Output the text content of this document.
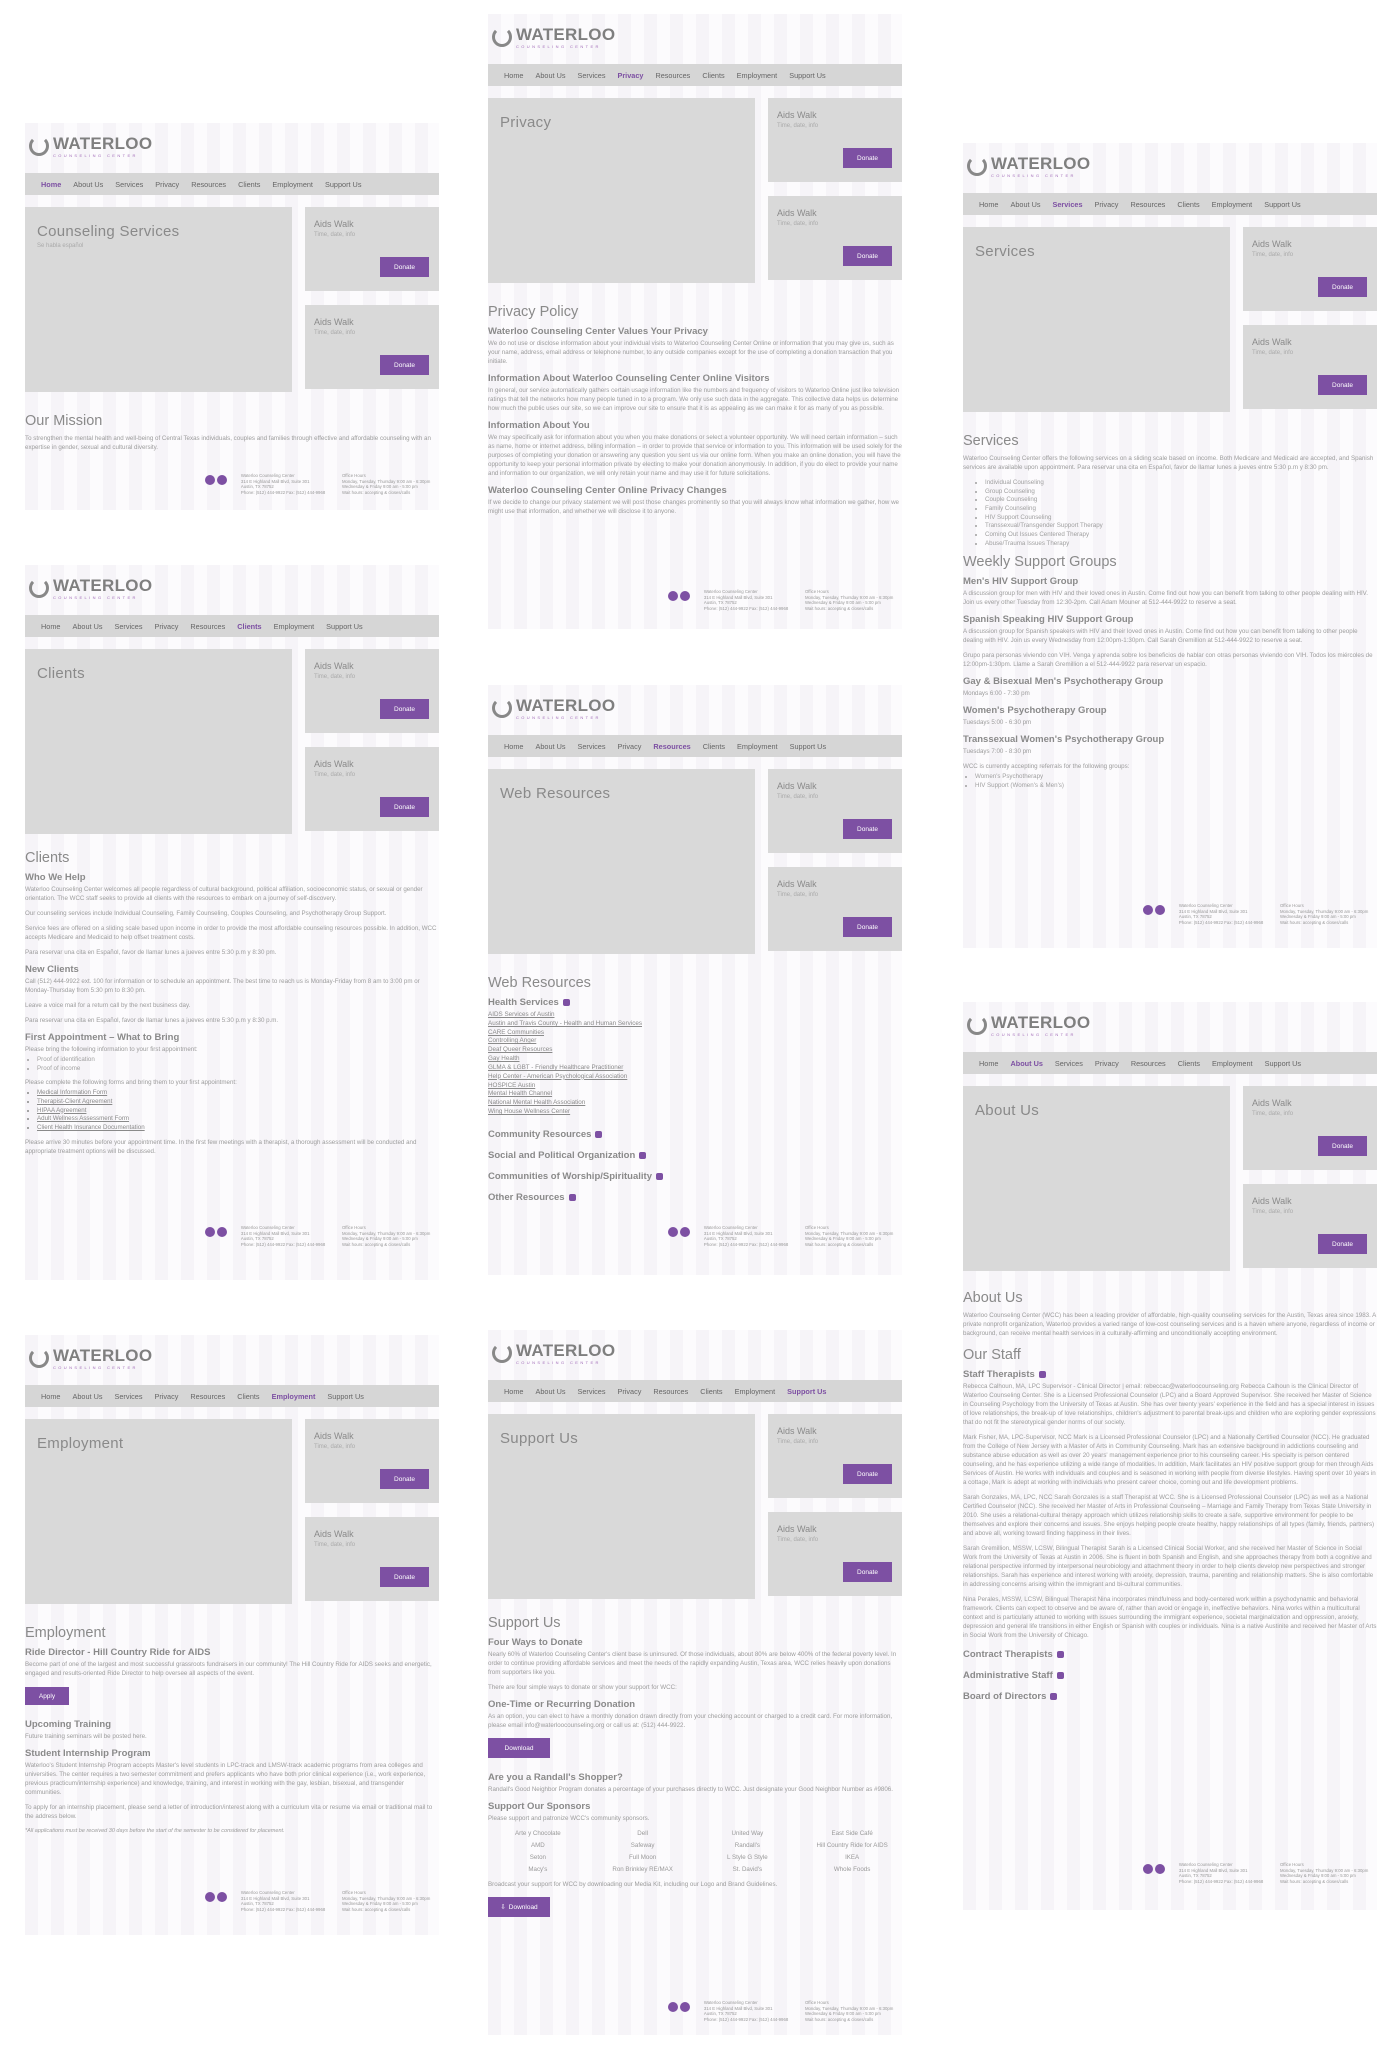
Our Mission

To strengthen the mental health and well-being of Central Texas individuals, couples and families through effective and affordable counseling with an expertise in gender, sexual and cultural diversity.

WATERLOO
COUNSELING CENTER
Home	About Us	Services	Privacy	Resources	Clients	Employment	Support Us
Counseling Services

Se habla español

Aids Walk
Time, date, info
Donate
Aids Walk
Time, date, info
Donate
Waterloo Counseling Center
314 E Highland Mall Blvd, Suite 301
Austin, TX 78752
Phone: (512) 444-9922 Fax: (512) 444-9968
Office Hours
Monday, Tuesday, Thursday 9:00 am - 6:30pm
Wednesday & Friday 9:00 am - 5:00 pm
Wait hours: accepting & closes/calls
Clients
Who We Help

Waterloo Counseling Center welcomes all people regardless of cultural background, political affiliation, socioeconomic status, or sexual or gender orientation. The WCC staff seeks to provide all clients with the resources to embark on a journey of self-discovery.

Our counseling services include Individual Counseling, Family Counseling, Couples Counseling, and Psychotherapy Group Support.

Service fees are offered on a sliding scale based upon income in order to provide the most affordable counseling resources possible. In addition, WCC accepts Medicare and Medicaid to help offset treatment costs.

Para reservar una cita en Español, favor de llamar lunes a jueves entre 5:30 p.m y 8:30 pm.

New Clients

Call (512) 444-9922 ext. 100 for information or to schedule an appointment. The best time to reach us is Monday-Friday from 8 am to 3:00 pm or Monday-Thursday from 5:30 pm to 8:30 pm.

Leave a voice mail for a return call by the next business day.

Para reservar una cita en Español, favor de llamar lunes a jueves entre 5:30 p.m y 8:30 p.m.

First Appointment – What to Bring

Please bring the following information to your first appointment:

• Proof of identification
• Proof of income

Please complete the following forms and bring them to your first appointment:

• Medical Information Form
• Therapist-Client Agreement
• HIPAA Agreement
• Adult Wellness Assessment Form
• Client Health Insurance Documentation

Please arrive 30 minutes before your appointment time. In the first few meetings with a therapist, a thorough assessment will be conducted and appropriate treatment options will be discussed.

WATERLOO
COUNSELING CENTER
Home	About Us	Services	Privacy	Resources	Clients	Employment	Support Us
Clients	Aids Walk
Time, date, info
Donate
Aids Walk
Time, date, info
Donate
Waterloo Counseling Center
314 E Highland Mall Blvd, Suite 301
Austin, TX 78752
Phone: (512) 444-9922 Fax: (512) 444-9968
Office Hours
Monday, Tuesday, Thursday 9:00 am - 6:30pm
Wednesday & Friday 9:00 am - 5:00 pm
Wait hours: accepting & closes/calls
Employment
Ride Director - Hill Country Ride for AIDS

Become part of one of the largest and most successful grassroots fundraisers in our community! The Hill Country Ride for AIDS seeks and energetic, engaged and results-oriented Ride Director to help oversee all aspects of the event.

Apply
Upcoming Training

Future training seminars will be posted here.

Student Internship Program

Waterloo's Student Internship Program accepts Master's level students in LPC-track and LMSW-track academic programs from area colleges and universities. The center requires a two semester commitment and prefers applicants who have both prior clinical experience (i.e., work experience, previous practicum/internship experience) and knowledge, training, and interest in working with the gay, lesbian, bisexual, and transgender communities.

To apply for an internship placement, please send a letter of introduction/interest along with a curriculum vita or resume via email or traditional mail to the address below.

*All applications must be received 30 days before the start of the semester to be considered for placement.

WATERLOO
COUNSELING CENTER
Home	About Us	Services	Privacy	Resources	Clients	Employment	Support Us
Employment	Aids Walk
Time, date, info
Donate
Aids Walk
Time, date, info
Donate
Waterloo Counseling Center
314 E Highland Mall Blvd, Suite 301
Austin, TX 78752
Phone: (512) 444-9922 Fax: (512) 444-9968
Office Hours
Monday, Tuesday, Thursday 9:00 am - 6:30pm
Wednesday & Friday 9:00 am - 5:00 pm
Wait hours: accepting & closes/calls
Privacy Policy
Waterloo Counseling Center Values Your Privacy

We do not use or disclose information about your individual visits to Waterloo Counseling Center Online or information that you may give us, such as your name, address, email address or telephone number, to any outside companies except for the use of completing a donation transaction that you initiate.

Information About Waterloo Counseling Center Online Visitors

In general, our service automatically gathers certain usage information like the numbers and frequency of visitors to Waterloo Online just like television ratings that tell the networks how many people tuned in to a program. We only use such data in the aggregate. This collective data helps us determine how much the public uses our site, so we can improve our site to ensure that it is as appealing as we can make it for as many of you as possible.

Information About You

We may specifically ask for information about you when you make donations or select a volunteer opportunity. We will need certain information – such as name, home or internet address, billing information – in order to provide that service or information to you. This information will be used solely for the purposes of completing your donation or answering any question you sent us via our online form. When you make an online donation, you will have the opportunity to keep your personal information private by electing to make your donation anonymously. In addition, if you do elect to provide your name and information to our organization, we will only retain your name and may use it for future solicitations.

Waterloo Counseling Center Online Privacy Changes

If we decide to change our privacy statement we will post those changes prominently so that you will always know what information we gather, how we might use that information, and whether we will disclose it to anyone.

WATERLOO
COUNSELING CENTER
Home	About Us	Services	Privacy	Resources	Clients	Employment	Support Us
Privacy	Aids Walk
Time, date, info
Donate
Aids Walk
Time, date, info
Donate
Waterloo Counseling Center
314 E Highland Mall Blvd, Suite 301
Austin, TX 78752
Phone: (512) 444-9922 Fax: (512) 444-9968
Office Hours
Monday, Tuesday, Thursday 9:00 am - 6:30pm
Wednesday & Friday 9:00 am - 5:00 pm
Wait hours: accepting & closes/calls
Web Resources
Health Services
AIDS Services of Austin
Austin and Travis County - Health and Human Services
CARE Communities
Controlling Anger
Deaf Queer Resources
Gay Health
GLMA & LGBT - Friendly Healthcare Practitioner
Help Center - American Psychological Association
HOSPICE Austin
Mental Health Channel
National Mental Health Association
Wing House Wellness Center
Community Resources
Social and Political Organization
Communities of Worship/Spirituality
Other Resources
WATERLOO
COUNSELING CENTER
Home	About Us	Services	Privacy	Resources	Clients	Employment	Support Us
Web Resources	Aids Walk
Time, date, info
Donate
Aids Walk
Time, date, info
Donate
Waterloo Counseling Center
314 E Highland Mall Blvd, Suite 301
Austin, TX 78752
Phone: (512) 444-9922 Fax: (512) 444-9968
Office Hours
Monday, Tuesday, Thursday 9:00 am - 6:30pm
Wednesday & Friday 9:00 am - 5:00 pm
Wait hours: accepting & closes/calls
Support Us
Four Ways to Donate

Nearly 60% of Waterloo Counseling Center's client base is uninsured. Of those individuals, about 80% are below 400% of the federal poverty level. In order to continue providing affordable services and meet the needs of the rapidly expanding Austin, Texas area, WCC relies heavily upon donations from supporters like you.

There are four simple ways to donate or show your support for WCC:

One-Time or Recurring Donation

As an option, you can elect to have a monthly donation drawn directly from your checking account or charged to a credit card. For more information, please email info@waterloocounseling.org or call us at: (512) 444-9922.

Download
Are you a Randall's Shopper?

Randall's Good Neighbor Program donates a percentage of your purchases directly to WCC. Just designate your Good Neighbor Number as #9806.

Support Our Sponsors

Please support and patronize WCC's community sponsors.

Arte y Chocolate	Dell	United Way	East Side Café
AMD	Safeway	Randall's	Hill Country Ride for AIDS
Seton	Full Moon	L Style G Style	IKEA
Macy's	Ron Brinkley RE/MAX	St. David's	Whole Foods

Broadcast your support for WCC by downloading our Media Kit, including our Logo and Brand Guidelines.

⇩ Download
WATERLOO
COUNSELING CENTER
Home	About Us	Services	Privacy	Resources	Clients	Employment	Support Us
Support Us	Aids Walk
Time, date, info
Donate
Aids Walk
Time, date, info
Donate
Waterloo Counseling Center
314 E Highland Mall Blvd, Suite 301
Austin, TX 78752
Phone: (512) 444-9922 Fax: (512) 444-9968
Office Hours
Monday, Tuesday, Thursday 9:00 am - 6:30pm
Wednesday & Friday 9:00 am - 5:00 pm
Wait hours: accepting & closes/calls
Services

Waterloo Counseling Center offers the following services on a sliding scale based on income. Both Medicare and Medicaid are accepted, and Spanish services are available upon appointment. Para reservar una cita en Español, favor de llamar lunes a jueves entre 5:30 p.m y 8:30 pm.

• Individual Counseling
• Group Counseling
• Couple Counseling
• Family Counseling
• HIV Support Counseling
• Transsexual/Transgender Support Therapy
• Coming Out Issues Centered Therapy
• Abuse/Trauma Issues Therapy
Weekly Support Groups
Men's HIV Support Group

A discussion group for men with HIV and their loved ones in Austin. Come find out how you can benefit from talking to other people dealing with HIV. Join us every other Tuesday from 12:30-2pm. Call Adam Mouner at 512-444-9922 to reserve a seat.

Spanish Speaking HIV Support Group

A discussion group for Spanish speakers with HIV and their loved ones in Austin. Come find out how you can benefit from talking to other people dealing with HIV. Join us every Wednesday from 12:00pm-1:30pm. Call Sarah Gremillion at 512-444-9922 to reserve a seat.

Grupo para personas viviendo con VIH. Venga y aprenda sobre los beneficios de hablar con otras personas viviendo con VIH. Todos los miércoles de 12:00pm-1:30pm. Llame a Sarah Gremillion a el 512-444-9922 para reservar un espacio.

Gay & Bisexual Men's Psychotherapy Group

Mondays 6:00 - 7:30 pm

Women's Psychotherapy Group

Tuesdays 5:00 - 6:30 pm

Transsexual Women's Psychotherapy Group

Tuesdays 7:00 - 8:30 pm

WCC is currently accepting referrals for the following groups:

• Women's Psychotherapy
• HIV Support (Women's & Men's)
WATERLOO
COUNSELING CENTER
Home	About Us	Services	Privacy	Resources	Clients	Employment	Support Us
Services	Aids Walk
Time, date, info
Donate
Aids Walk
Time, date, info
Donate
Waterloo Counseling Center
314 E Highland Mall Blvd, Suite 301
Austin, TX 78752
Phone: (512) 444-9922 Fax: (512) 444-9968
Office Hours
Monday, Tuesday, Thursday 9:00 am - 6:30pm
Wednesday & Friday 9:00 am - 5:00 pm
Wait hours: accepting & closes/calls
About Us

Waterloo Counseling Center (WCC) has been a leading provider of affordable, high-quality counseling services for the Austin, Texas area since 1983. A private nonprofit organization, Waterloo provides a varied range of low-cost counseling services and is a haven where anyone, regardless of income or background, can receive mental health services in a culturally-affirming and unconditionally accepting environment.

Our Staff
Staff Therapists

Rebecca Calhoun, MA, LPC Supervisor - Clinical Director | email: rebeccac@waterloocounseling.org Rebecca Calhoun is the Clinical Director of Waterloo Counseling Center. She is a Licensed Professional Counselor (LPC) and a Board Approved Supervisor. She received her Master of Science in Counseling Psychology from the University of Texas at Austin. She has over twenty years' experience in the field and has a special interest in issues of love relationships, the break-up of love relationships, children's adjustment to parental break-ups and children who are exploring gender expressions that do not fit the stereotypical gender norms of our society.

Mark Fisher, MA, LPC-Supervisor, NCC Mark is a Licensed Professional Counselor (LPC) and a Nationally Certified Counselor (NCC). He graduated from the College of New Jersey with a Master of Arts in Community Counseling. Mark has an extensive background in addictions counseling and substance abuse education as well as over 20 years' management experience prior to his counseling career. His specialty is person centered counseling, and he has experience utilizing a wide range of modalities. In addition, Mark facilitates an HIV positive support group for men through Aids Services of Austin. He works with individuals and couples and is seasoned in working with people from diverse lifestyles. Having spent over 10 years in a cottage, Mark is adept at working with individuals who present career choice, coming out and life development problems.

Sarah Gonzales, MA, LPC, NCC Sarah Gonzales is a staff Therapist at WCC. She is a Licensed Professional Counselor (LPC) as well as a National Certified Counselor (NCC). She received her Master of Arts in Professional Counseling – Marriage and Family Therapy from Texas State University in 2010. She uses a relational-cultural therapy approach which utilizes relationship skills to create a safe, supportive environment for people to be themselves and explore their concerns and issues. She enjoys helping people create healthy, happy relationships of all types (family, friends, partners) and above all, working toward finding happiness in their lives.

Sarah Gremillion, MSSW, LCSW, Bilingual Therapist Sarah is a Licensed Clinical Social Worker, and she received her Master of Science in Social Work from the University of Texas at Austin in 2006. She is fluent in both Spanish and English, and she approaches therapy from both a cognitive and relational perspective informed by interpersonal neurobiology and attachment theory in order to help clients develop new perspectives and stronger relationships. Sarah has experience and interest working with anxiety, depression, trauma, parenting and relationship matters. She is also comfortable in addressing concerns arising within the immigrant and bi-cultural communities.

Nina Perales, MSSW, LCSW, Bilingual Therapist Nina incorporates mindfulness and body-centered work within a psychodynamic and behavioral framework. Clients can expect to observe and be aware of, rather than avoid or engage in, ineffective behaviors. Nina works within a multicultural context and is particularly attuned to working with issues surrounding the immigrant experience, societal marginalization and oppression, anxiety, depression and general life transitions in either English or Spanish with couples or individuals. Nina is a native Austinite and received her Master of Arts in Social Work from the University of Chicago.

Contract Therapists
Administrative Staff
Board of Directors
WATERLOO
COUNSELING CENTER
Home	About Us	Services	Privacy	Resources	Clients	Employment	Support Us
About Us	Aids Walk
Time, date, info
Donate
Aids Walk
Time, date, info
Donate
Waterloo Counseling Center
314 E Highland Mall Blvd, Suite 301
Austin, TX 78752
Phone: (512) 444-9922 Fax: (512) 444-9968
Office Hours
Monday, Tuesday, Thursday 9:00 am - 6:30pm
Wednesday & Friday 9:00 am - 5:00 pm
Wait hours: accepting & closes/calls
